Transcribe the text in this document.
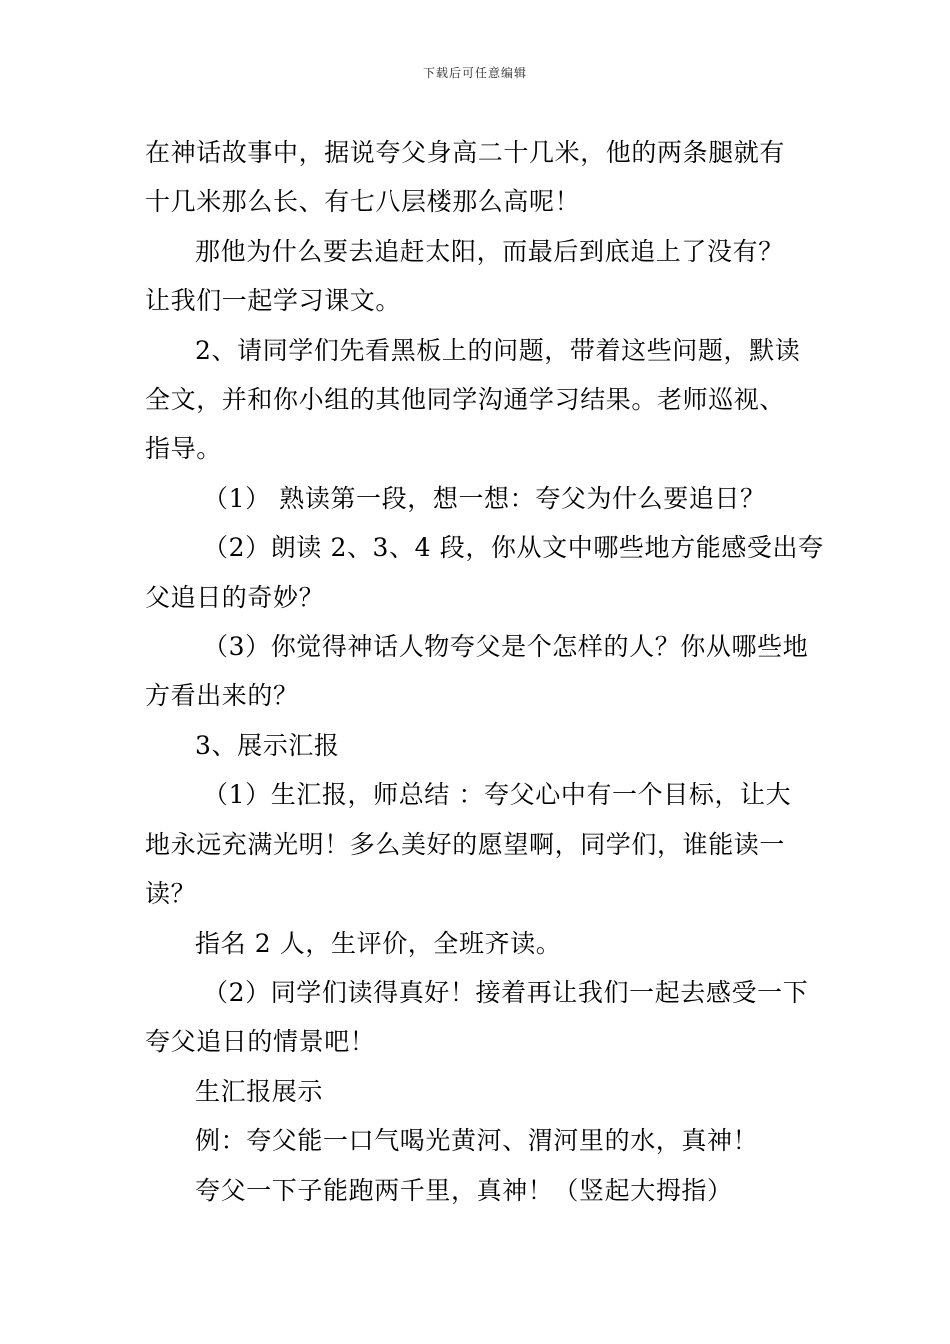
下载后可任意编辑
在神话故事中，据说夸父身高二十几米，他的两条腿就有
十几米那么长、有七八层楼那么高呢！
那他为什么要去追赶太阳，而最后到底追上了没有？
让我们一起学习课文。
2、请同学们先看黑板上的问题，带着这些问题，默读
全文，并和你小组的其他同学沟通学习结果。老师巡视、
指导。
（1） 熟读第一段，想一想：夸父为什么要追日？
（2）朗读 2、3、4 段，你从文中哪些地方能感受出夸
父追日的奇妙？
（3）你觉得神话人物夸父是个怎样的人？你从哪些地
方看出来的？
3、展示汇报
（1）生汇报，师总结 ：夸父心中有一个目标，让大
地永远充满光明！多么美好的愿望啊，同学们，谁能读一
读？
指名 2 人，生评价，全班齐读。
（2）同学们读得真好！接着再让我们一起去感受一下
夸父追日的情景吧！
生汇报展示
例：夸父能一口气喝光黄河、渭河里的水，真神！
夸父一下子能跑两千里，真神！（竖起大拇指）
